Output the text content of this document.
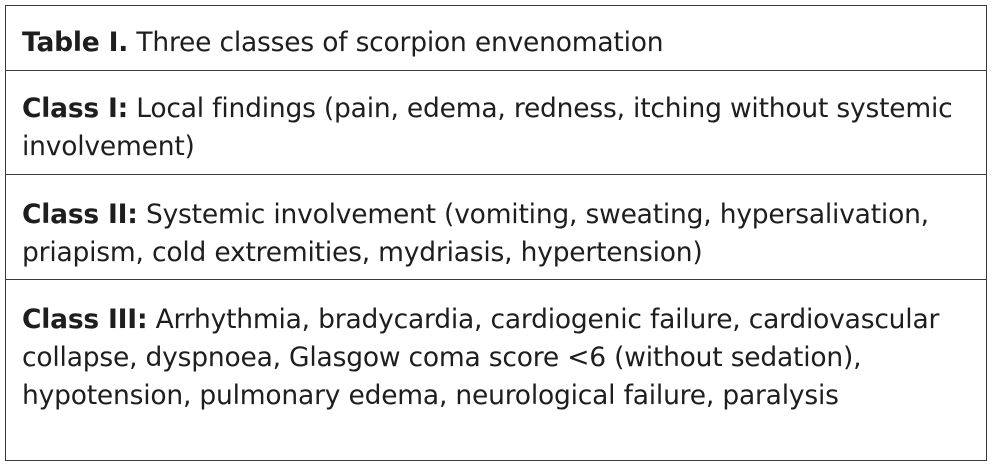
Table I. Three classes of scorpion envenomation
Class I: Local findings (pain, edema, redness, itching without systemic involvement)
Class II: Systemic involvement (vomiting, sweating, hypersalivation, priapism, cold extremities, mydriasis, hypertension)
Class III: Arrhythmia, bradycardia, cardiogenic failure, cardiovascular collapse, dyspnoea, Glasgow coma score <6 (without sedation), hypotension, pulmonary edema, neurological failure, paralysis
